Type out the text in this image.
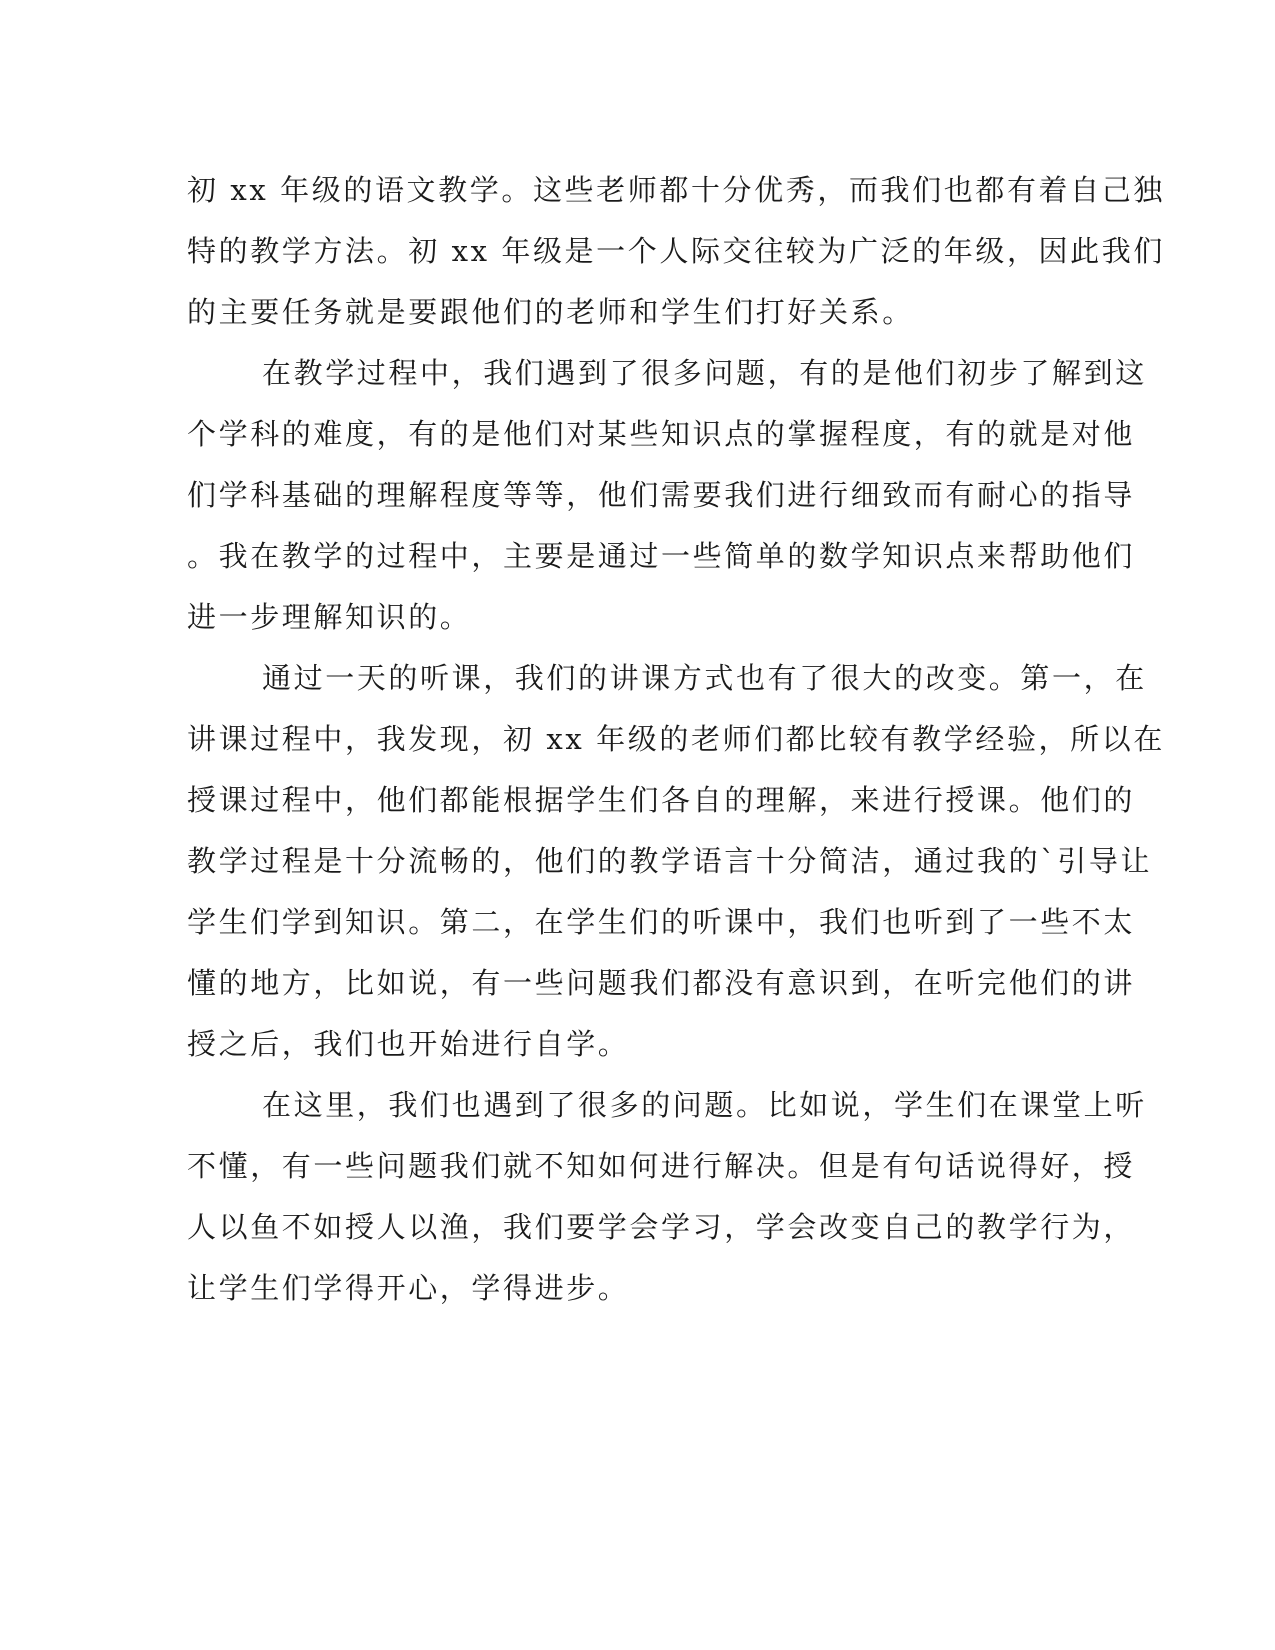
初 xx 年级的语文教学。这些老师都十分优秀，而我们也都有着自己独
特的教学方法。初 xx 年级是一个人际交往较为广泛的年级，因此我们
的主要任务就是要跟他们的老师和学生们打好关系。
在教学过程中，我们遇到了很多问题，有的是他们初步了解到这
个学科的难度，有的是他们对某些知识点的掌握程度，有的就是对他
们学科基础的理解程度等等，他们需要我们进行细致而有耐心的指导
。我在教学的过程中，主要是通过一些简单的数学知识点来帮助他们
进一步理解知识的。
通过一天的听课，我们的讲课方式也有了很大的改变。第一，在
讲课过程中，我发现，初 xx 年级的老师们都比较有教学经验，所以在
授课过程中，他们都能根据学生们各自的理解，来进行授课。他们的
教学过程是十分流畅的，他们的教学语言十分简洁，通过我的`引导让
学生们学到知识。第二，在学生们的听课中，我们也听到了一些不太
懂的地方，比如说，有一些问题我们都没有意识到，在听完他们的讲
授之后，我们也开始进行自学。
在这里，我们也遇到了很多的问题。比如说，学生们在课堂上听
不懂，有一些问题我们就不知如何进行解决。但是有句话说得好，授
人以鱼不如授人以渔，我们要学会学习，学会改变自己的教学行为，
让学生们学得开心，学得进步。
